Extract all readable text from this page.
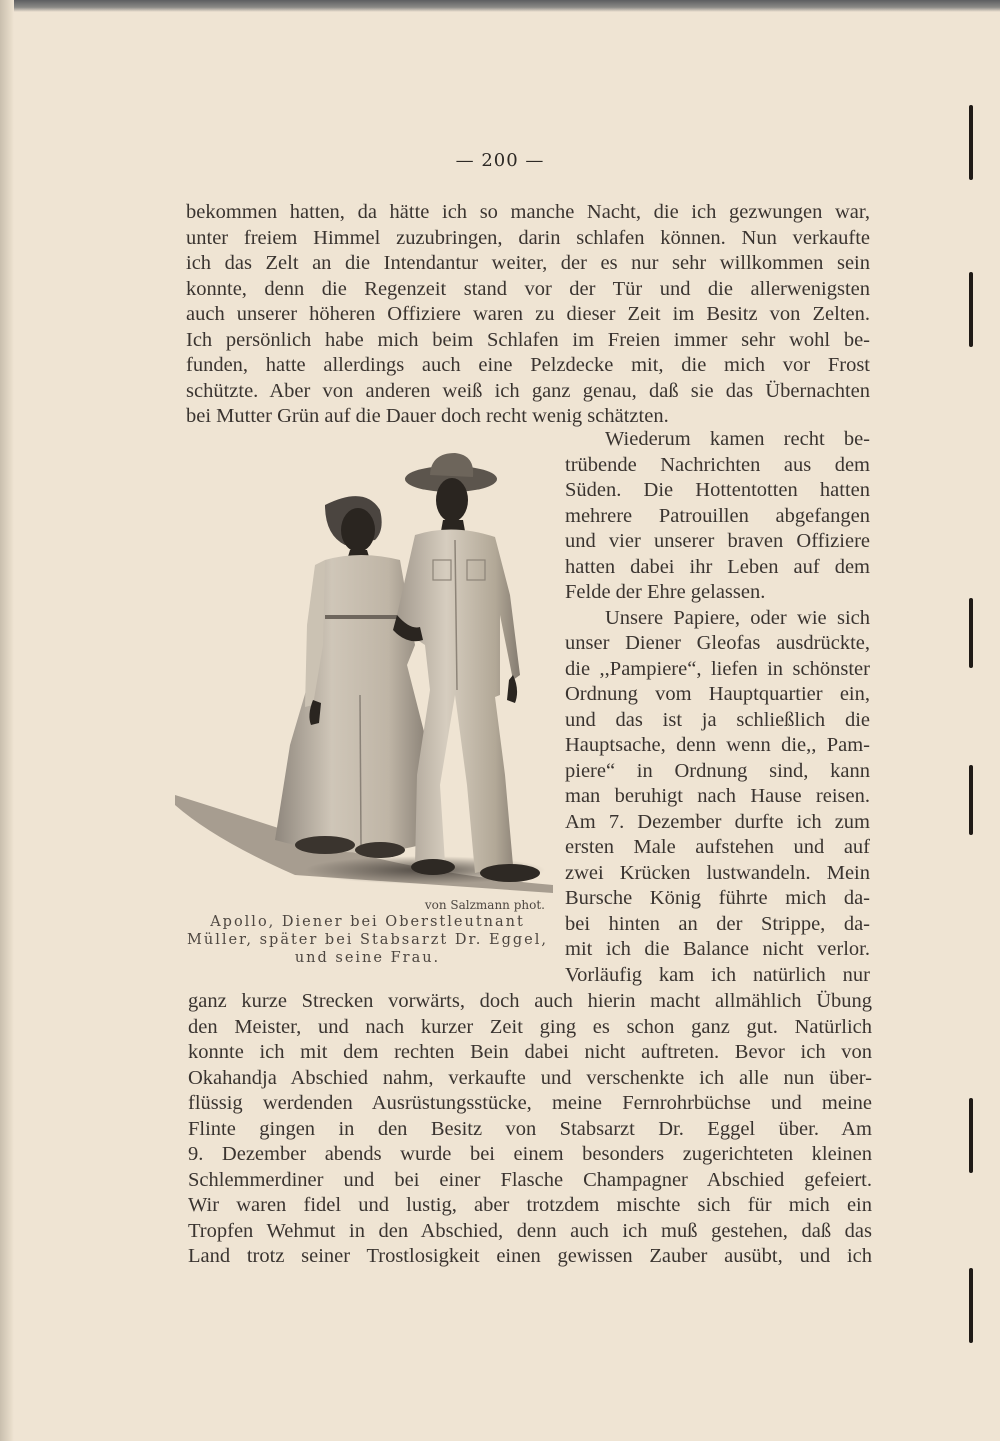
— 200 —
bekommen hatten, da hätte ich so manche Nacht, die ich gezwungen war,
unter freiem Himmel zuzubringen, darin schlafen können. Nun verkaufte
ich das Zelt an die Intendantur weiter, der es nur sehr willkommen sein
konnte, denn die Regenzeit stand vor der Tür und die allerwenigsten
auch unserer höheren Offiziere waren zu dieser Zeit im Besitz von Zelten.
Ich persönlich habe mich beim Schlafen im Freien immer sehr wohl be-
funden, hatte allerdings auch eine Pelzdecke mit, die mich vor Frost
schützte. Aber von anderen weiß ich ganz genau, daß sie das Übernachten
bei Mutter Grün auf die Dauer doch recht wenig schätzten.
Wiederum kamen recht be-
trübende Nachrichten aus dem
Süden. Die Hottentotten hatten
mehrere Patrouillen abgefangen
und vier unserer braven Offiziere
hatten dabei ihr Leben auf dem
Felde der Ehre gelassen.
Unsere Papiere, oder wie sich
unser Diener Gleofas ausdrückte,
die ,,Pampiere“, liefen in schönster
Ordnung vom Hauptquartier ein,
und das ist ja schließlich die
Hauptsache, denn wenn die,, Pam-
piere“ in Ordnung sind, kann
man beruhigt nach Hause reisen.
Am 7. Dezember durfte ich zum
ersten Male aufstehen und auf
zwei Krücken lustwandeln. Mein
Bursche König führte mich da-
bei hinten an der Strippe, da-
mit ich die Balance nicht verlor.
Vorläufig kam ich natürlich nur
von Salzmann phot.
Apollo, Diener bei Oberstleutnant
Müller, später bei Stabsarzt Dr. Eggel,
und seine Frau.
ganz kurze Strecken vorwärts, doch auch hierin macht allmählich Übung
den Meister, und nach kurzer Zeit ging es schon ganz gut. Natürlich
konnte ich mit dem rechten Bein dabei nicht auftreten. Bevor ich von
Okahandja Abschied nahm, verkaufte und verschenkte ich alle nun über-
flüssig werdenden Ausrüstungsstücke, meine Fernrohrbüchse und meine
Flinte gingen in den Besitz von Stabsarzt Dr. Eggel über. Am
9. Dezember abends wurde bei einem besonders zugerichteten kleinen
Schlemmerdiner und bei einer Flasche Champagner Abschied gefeiert.
Wir waren fidel und lustig, aber trotzdem mischte sich für mich ein
Tropfen Wehmut in den Abschied, denn auch ich muß gestehen, daß das
Land trotz seiner Trostlosigkeit einen gewissen Zauber ausübt, und ich
